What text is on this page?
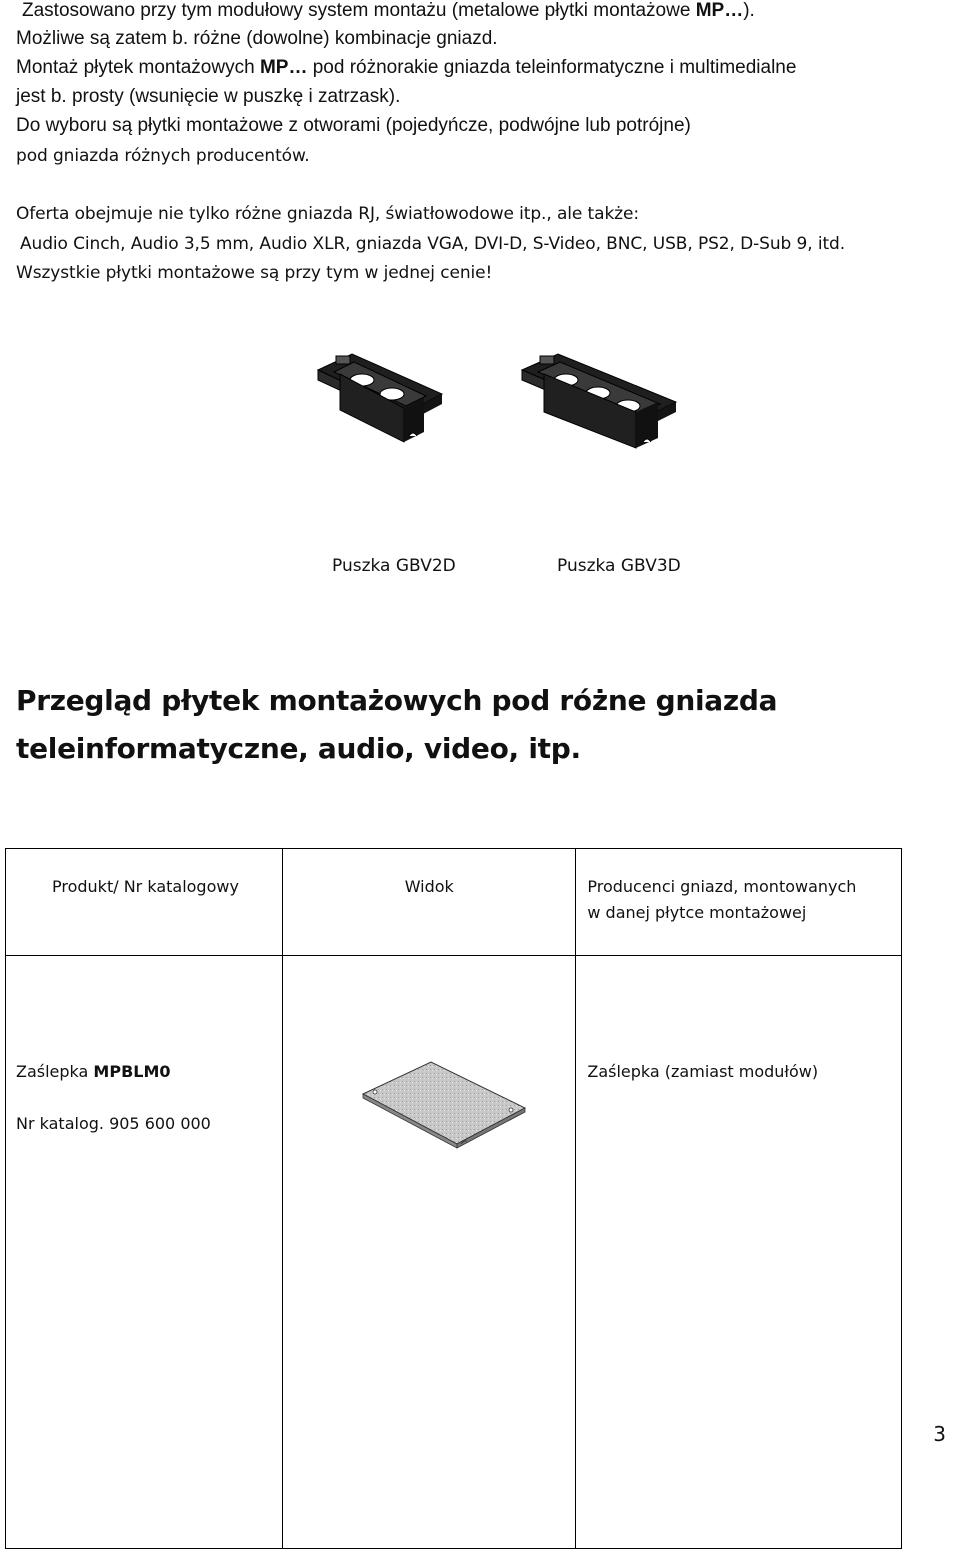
Zastosowano przy tym modułowy system montażu (metalowe płytki montażowe MP…).
Możliwe są zatem b. różne (dowolne) kombinacje gniazd.
Montaż płytek montażowych MP… pod różnorakie gniazda teleinformatyczne i multimedialne
jest b. prosty (wsunięcie w puszkę i zatrzask).
Do wyboru są płytki montażowe z otworami (pojedyńcze, podwójne lub potrójne)
pod gniazda różnych producentów.
Oferta obejmuje nie tylko różne gniazda RJ, światłowodowe itp., ale także:
Audio Cinch, Audio 3,5 mm, Audio XLR, gniazda VGA, DVI-D, S-Video, BNC, USB, PS2, D-Sub 9, itd.
Wszystkie płytki montażowe są przy tym w jednej cenie!
Puszka GBV2D	Puszka GBV3D
Przegląd płytek montażowych pod różne gniazda
teleinformatyczne, audio, video, itp.
Produkt/ Nr katalogowy	Widok	Producenci gniazd, montowanych
w danej płytce montażowej

Zaślepka MPBLM0
Nr katalog. 905 600 000		Zaślepka (zamiast modułów)
3
